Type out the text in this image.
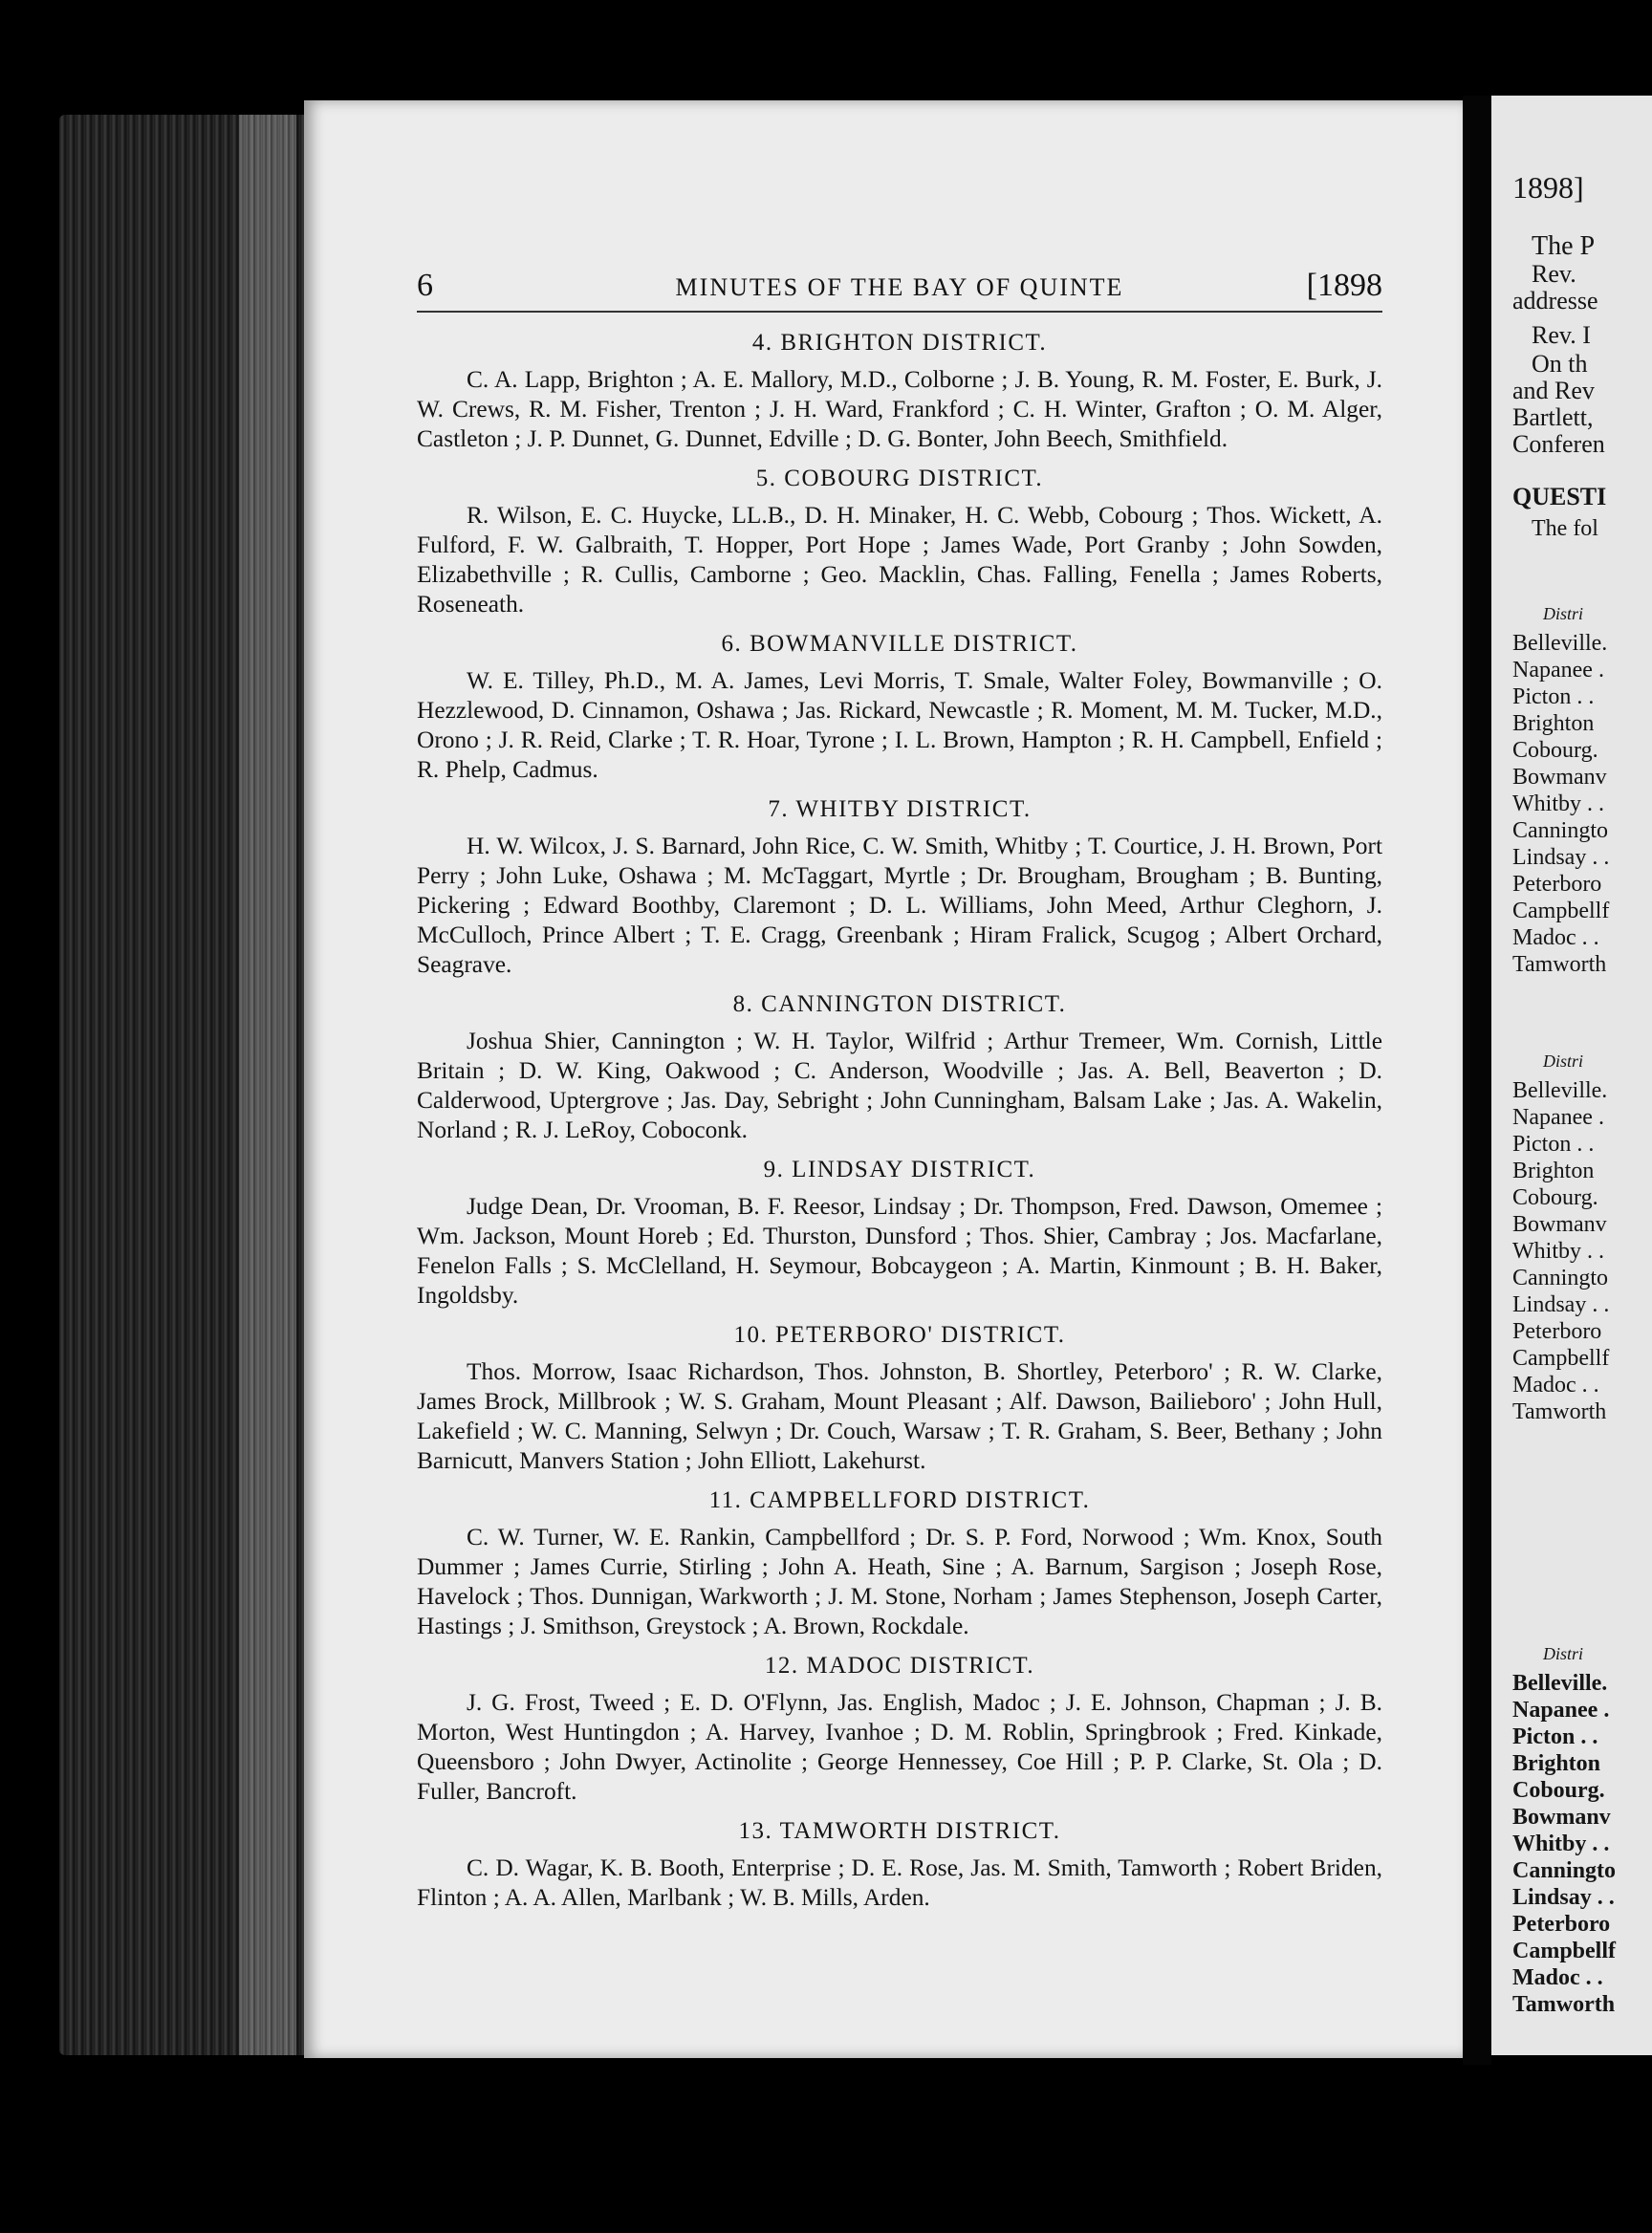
6	MINUTES OF THE BAY OF QUINTE	[1898
4. BRIGHTON DISTRICT.

C. A. Lapp, Brighton ; A. E. Mallory, M.D., Colborne ; J. B. Young, R. M. Foster, E. Burk, J. W. Crews, R. M. Fisher, Trenton ; J. H. Ward, Frankford ; C. H. Winter, Grafton ; O. M. Alger, Castleton ; J. P. Dunnet, G. Dunnet, Edville ; D. G. Bonter, John Beech, Smithfield.

5. COBOURG DISTRICT.

R. Wilson, E. C. Huycke, LL.B., D. H. Minaker, H. C. Webb, Cobourg ; Thos. Wickett, A. Fulford, F. W. Galbraith, T. Hopper, Port Hope ; James Wade, Port Granby ; John Sowden, Elizabethville ; R. Cullis, Camborne ; Geo. Macklin, Chas. Falling, Fenella ; James Roberts, Roseneath.

6. BOWMANVILLE DISTRICT.

W. E. Tilley, Ph.D., M. A. James, Levi Morris, T. Smale, Walter Foley, Bowmanville ; O. Hezzlewood, D. Cinnamon, Oshawa ; Jas. Rickard, Newcastle ; R. Moment, M. M. Tucker, M.D., Orono ; J. R. Reid, Clarke ; T. R. Hoar, Tyrone ; I. L. Brown, Hampton ; R. H. Campbell, Enfield ; R. Phelp, Cadmus.

7. WHITBY DISTRICT.

H. W. Wilcox, J. S. Barnard, John Rice, C. W. Smith, Whitby ; T. Courtice, J. H. Brown, Port Perry ; John Luke, Oshawa ; M. McTaggart, Myrtle ; Dr. Brougham, Brougham ; B. Bunting, Pickering ; Edward Boothby, Claremont ; D. L. Williams, John Meed, Arthur Cleghorn, J. McCulloch, Prince Albert ; T. E. Cragg, Greenbank ; Hiram Fralick, Scugog ; Albert Orchard, Seagrave.

8. CANNINGTON DISTRICT.

Joshua Shier, Cannington ; W. H. Taylor, Wilfrid ; Arthur Tremeer, Wm. Cornish, Little Britain ; D. W. King, Oakwood ; C. Anderson, Woodville ; Jas. A. Bell, Beaverton ; D. Calderwood, Uptergrove ; Jas. Day, Sebright ; John Cunningham, Balsam Lake ; Jas. A. Wakelin, Norland ; R. J. LeRoy, Coboconk.

9. LINDSAY DISTRICT.

Judge Dean, Dr. Vrooman, B. F. Reesor, Lindsay ; Dr. Thompson, Fred. Dawson, Omemee ; Wm. Jackson, Mount Horeb ; Ed. Thurston, Dunsford ; Thos. Shier, Cambray ; Jos. Macfarlane, Fenelon Falls ; S. McClelland, H. Seymour, Bobcaygeon ; A. Martin, Kinmount ; B. H. Baker, Ingoldsby.

10. PETERBORO' DISTRICT.

Thos. Morrow, Isaac Richardson, Thos. Johnston, B. Shortley, Peterboro' ; R. W. Clarke, James Brock, Millbrook ; W. S. Graham, Mount Pleasant ; Alf. Dawson, Bailieboro' ; John Hull, Lakefield ; W. C. Manning, Selwyn ; Dr. Couch, Warsaw ; T. R. Graham, S. Beer, Bethany ; John Barnicutt, Manvers Station ; John Elliott, Lakehurst.

11. CAMPBELLFORD DISTRICT.

C. W. Turner, W. E. Rankin, Campbellford ; Dr. S. P. Ford, Norwood ; Wm. Knox, South Dummer ; James Currie, Stirling ; John A. Heath, Sine ; A. Barnum, Sargison ; Joseph Rose, Havelock ; Thos. Dunnigan, Warkworth ; J. M. Stone, Norham ; James Stephenson, Joseph Carter, Hastings ; J. Smithson, Greystock ; A. Brown, Rockdale.

12. MADOC DISTRICT.

J. G. Frost, Tweed ; E. D. O'Flynn, Jas. English, Madoc ; J. E. Johnson, Chapman ; J. B. Morton, West Huntingdon ; A. Harvey, Ivanhoe ; D. M. Roblin, Springbrook ; Fred. Kinkade, Queensboro ; John Dwyer, Actinolite ; George Hennessey, Coe Hill ; P. P. Clarke, St. Ola ; D. Fuller, Bancroft.

13. TAMWORTH DISTRICT.

C. D. Wagar, K. B. Booth, Enterprise ; D. E. Rose, Jas. M. Smith, Tamworth ; Robert Briden, Flinton ; A. A. Allen, Marlbank ; W. B. Mills, Arden.

1898]
The P
Rev.
addresse
Rev. I
On th
and Rev
Bartlett,
Conferen
QUESTI
The fol
Distri
Belleville.
Napanee .
Picton . .
Brighton
Cobourg.
Bowmanv
Whitby . .
Canningto
Lindsay . .
Peterboro
Campbellf
Madoc . .
Tamworth
Distri
Belleville.
Napanee .
Picton . .
Brighton
Cobourg.
Bowmanv
Whitby . .
Canningto
Lindsay . .
Peterboro
Campbellf
Madoc . .
Tamworth
Distri
Belleville.
Napanee .
Picton . .
Brighton
Cobourg.
Bowmanv
Whitby . .
Canningto
Lindsay . .
Peterboro
Campbellf
Madoc . .
Tamworth
